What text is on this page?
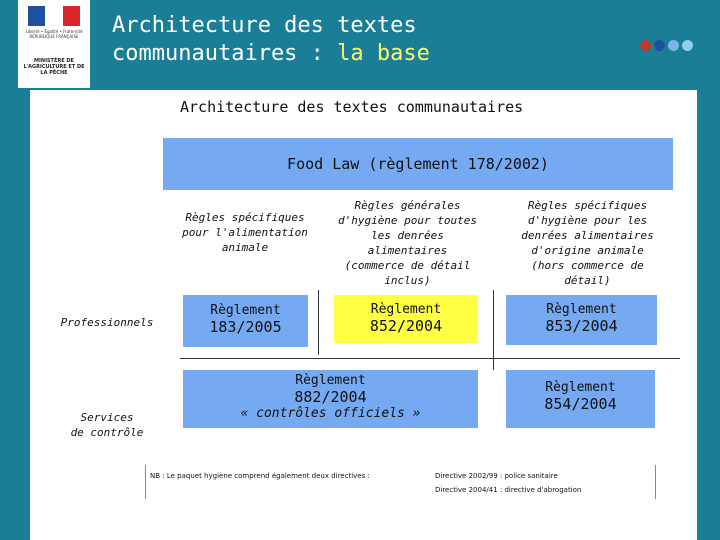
Liberté • Égalité • Fraternité
RÉPUBLIQUE FRANÇAISE
MINISTÈRE DE L'AGRICULTURE ET DE LA PÊCHE
Architecture des textes
communautaires : la base
Architecture des textes communautaires
Food Law (règlement 178/2002)
Règles spécifiques
pour l'alimentation
animale
Règles générales
d'hygiène pour toutes
les denrées
alimentaires
(commerce de détail
inclus)
Règles spécifiques
d'hygiène pour les
denrées alimentaires
d'origine animale
(hors commerce de
détail)
Professionnels
Services
de contrôle
Règlement
183/2005
Règlement
852/2004
Règlement
853/2004
Règlement
882/2004
« contrôles officiels »
Règlement
854/2004
NB : Le paquet hygiène comprend également deux directives :	Directive 2002/99 : police sanitaire
Directive 2004/41 : directive d'abrogation
